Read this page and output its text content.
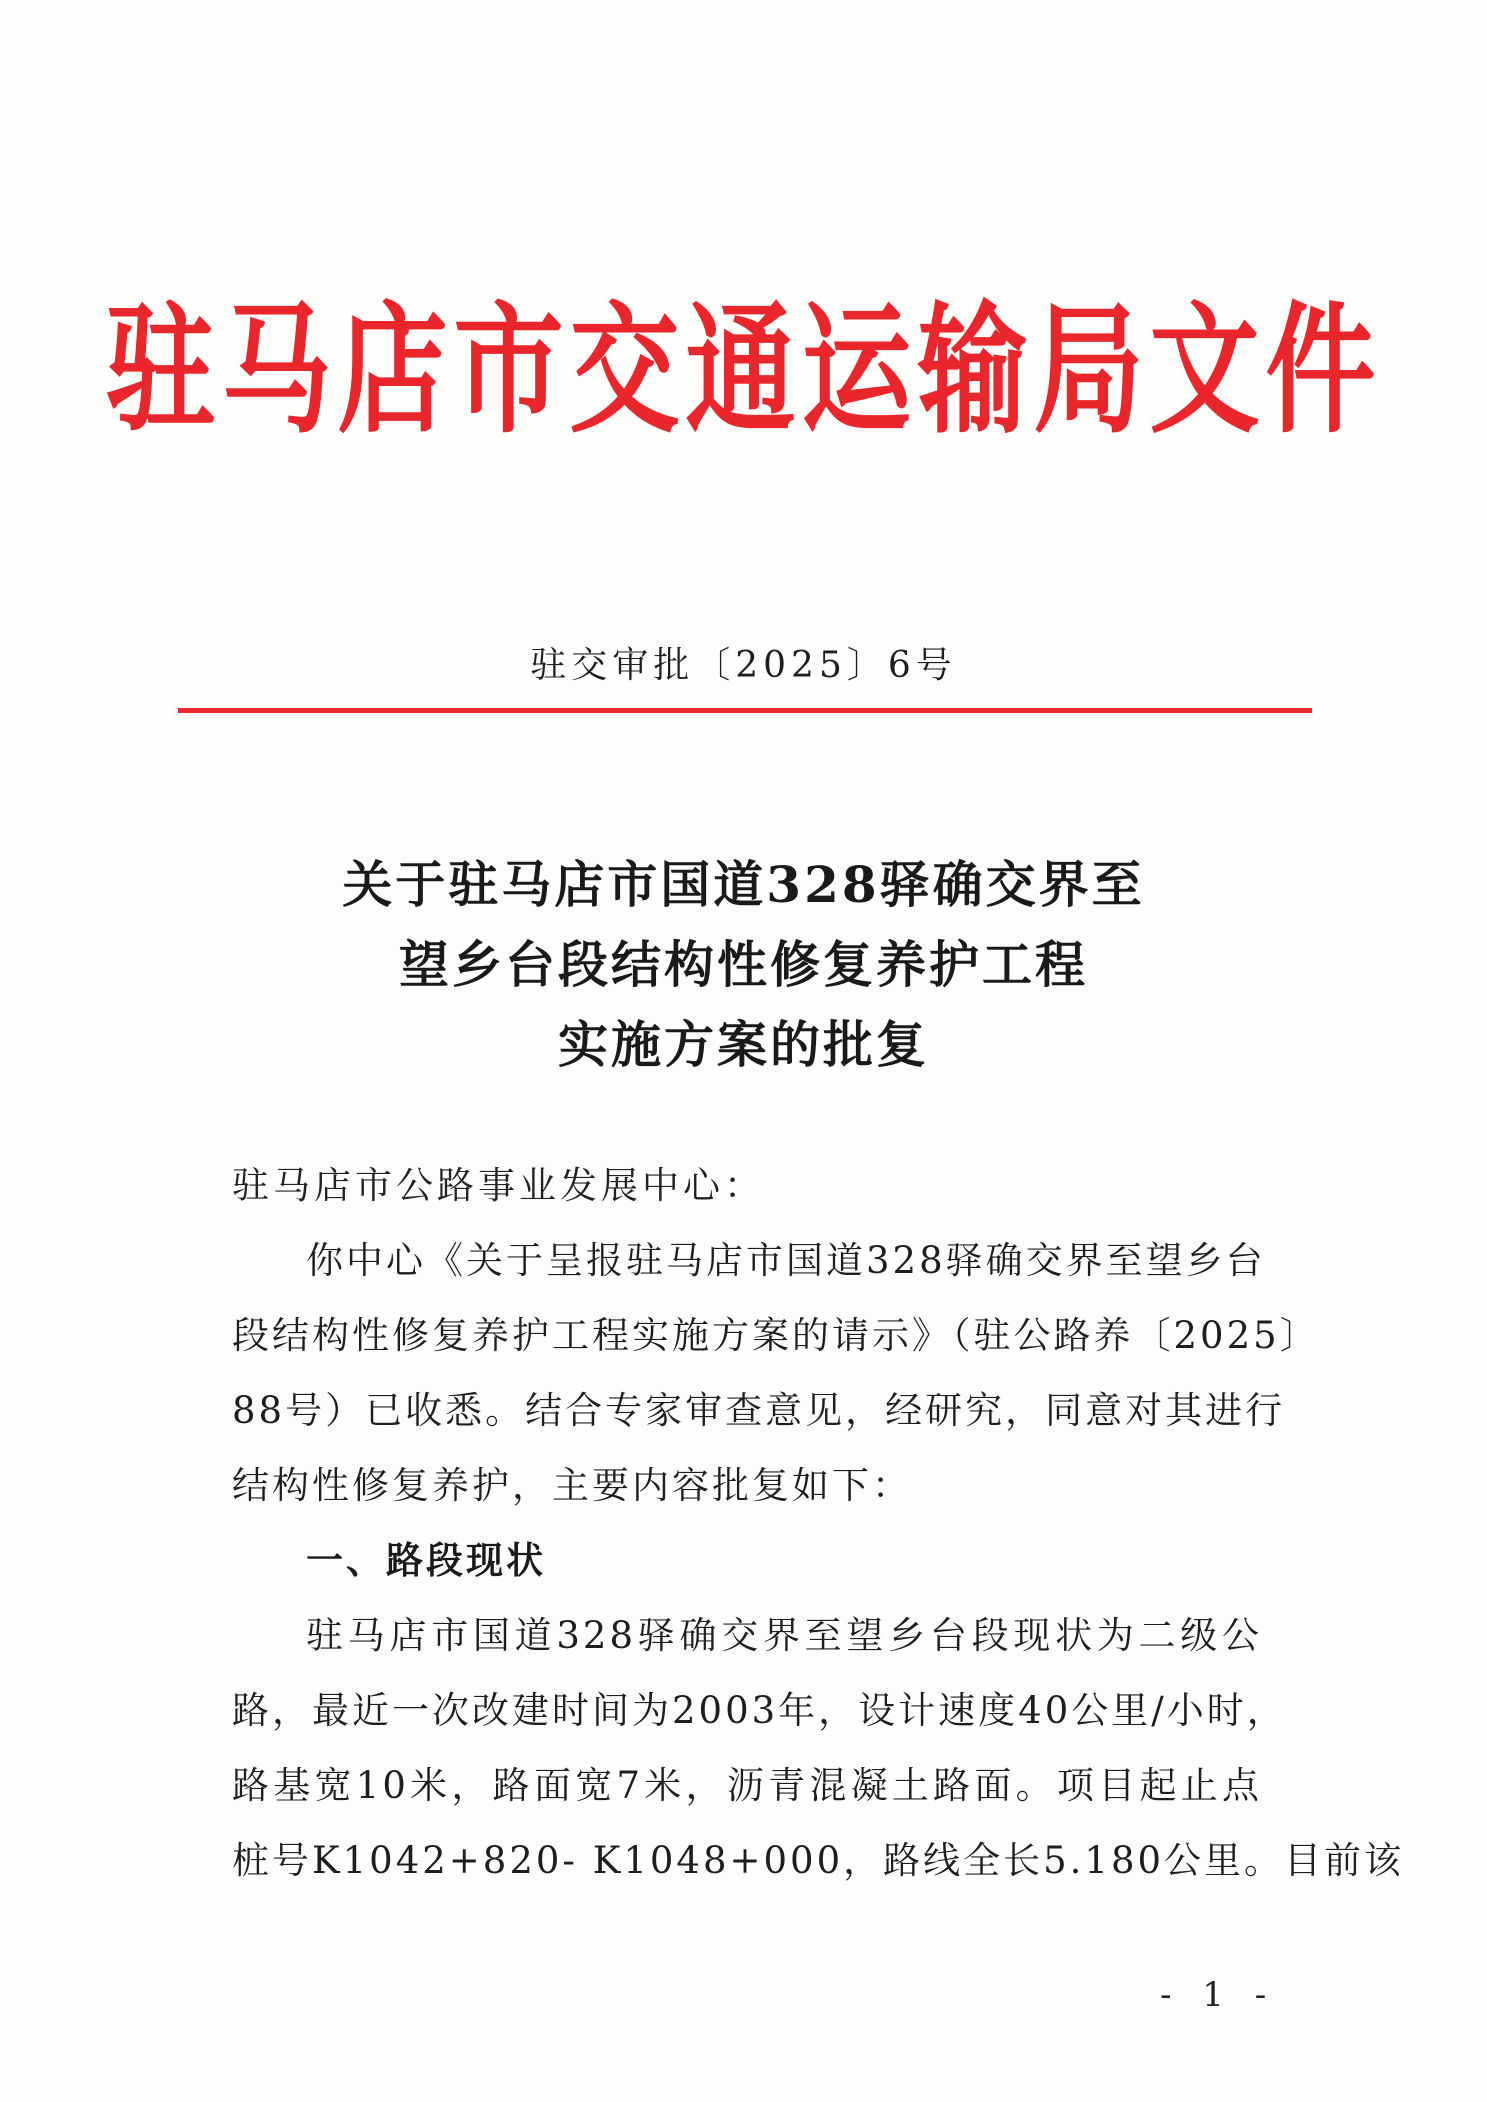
驻马店市交通运输局文件
驻交审批〔2025〕6号
关于驻马店市国道328驿确交界至
望乡台段结构性修复养护工程
实施方案的批复
驻马店市公路事业发展中心：
你中心《关于呈报驻马店市国道328驿确交界至望乡台
段结构性修复养护工程实施方案的请示》（驻公路养〔2025〕
88号）已收悉。结合专家审查意见，经研究，同意对其进行
结构性修复养护，主要内容批复如下：
一、路段现状
驻马店市国道328驿确交界至望乡台段现状为二级公
路，最近一次改建时间为2003年，设计速度40公里/小时，
路基宽10米，路面宽7米，沥青混凝土路面。项目起止点
桩号K1042+820- K1048+000，路线全长5.180公里。目前该
- 1 -
